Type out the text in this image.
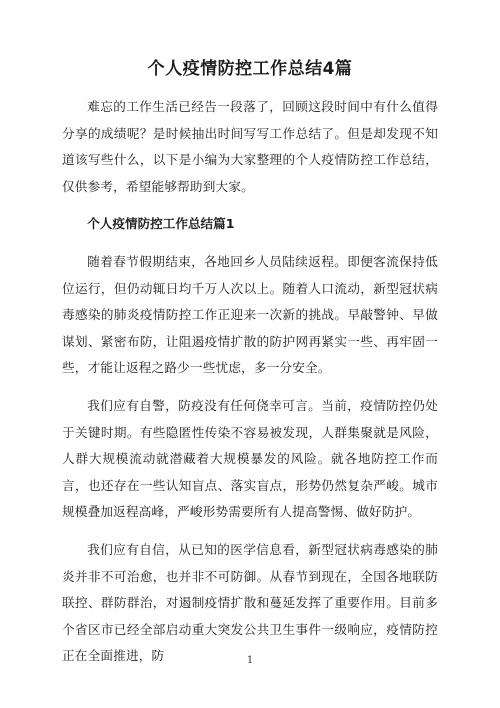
个人疫情防控工作总结4篇

难忘的工作生活已经告一段落了，回顾这段时间中有什么值得分享的成绩呢？是时候抽出时间写写工作总结了。但是却发现不知道该写些什么，以下是小编为大家整理的个人疫情防控工作总结，仅供参考，希望能够帮助到大家。

个人疫情防控工作总结篇1

随着春节假期结束，各地回乡人员陆续返程。即便客流保持低位运行，但仍动辄日均千万人次以上。随着人口流动，新型冠状病毒感染的肺炎疫情防控工作正迎来一次新的挑战。早敲警钟、早做谋划、紧密布防，让阻遏疫情扩散的防护网再紧实一些、再牢固一些，才能让返程之路少一些忧虑，多一分安全。

我们应有自警，防疫没有任何侥幸可言。当前，疫情防控仍处于关键时期。有些隐匿性传染不容易被发现，人群集聚就是风险，人群大规模流动就潜藏着大规模暴发的风险。就各地防控工作而言，也还存在一些认知盲点、落实盲点，形势仍然复杂严峻。城市规模叠加返程高峰，严峻形势需要所有人提高警惕、做好防护。

我们应有自信，从已知的医学信息看，新型冠状病毒感染的肺炎并非不可治愈，也并非不可防御。从春节到现在，全国各地联防联控、群防群治，对遏制疫情扩散和蔓延发挥了重要作用。目前多个省区市已经全部启动重大突发公共卫生事件一级响应，疫情防控正在全面推进，防	1
